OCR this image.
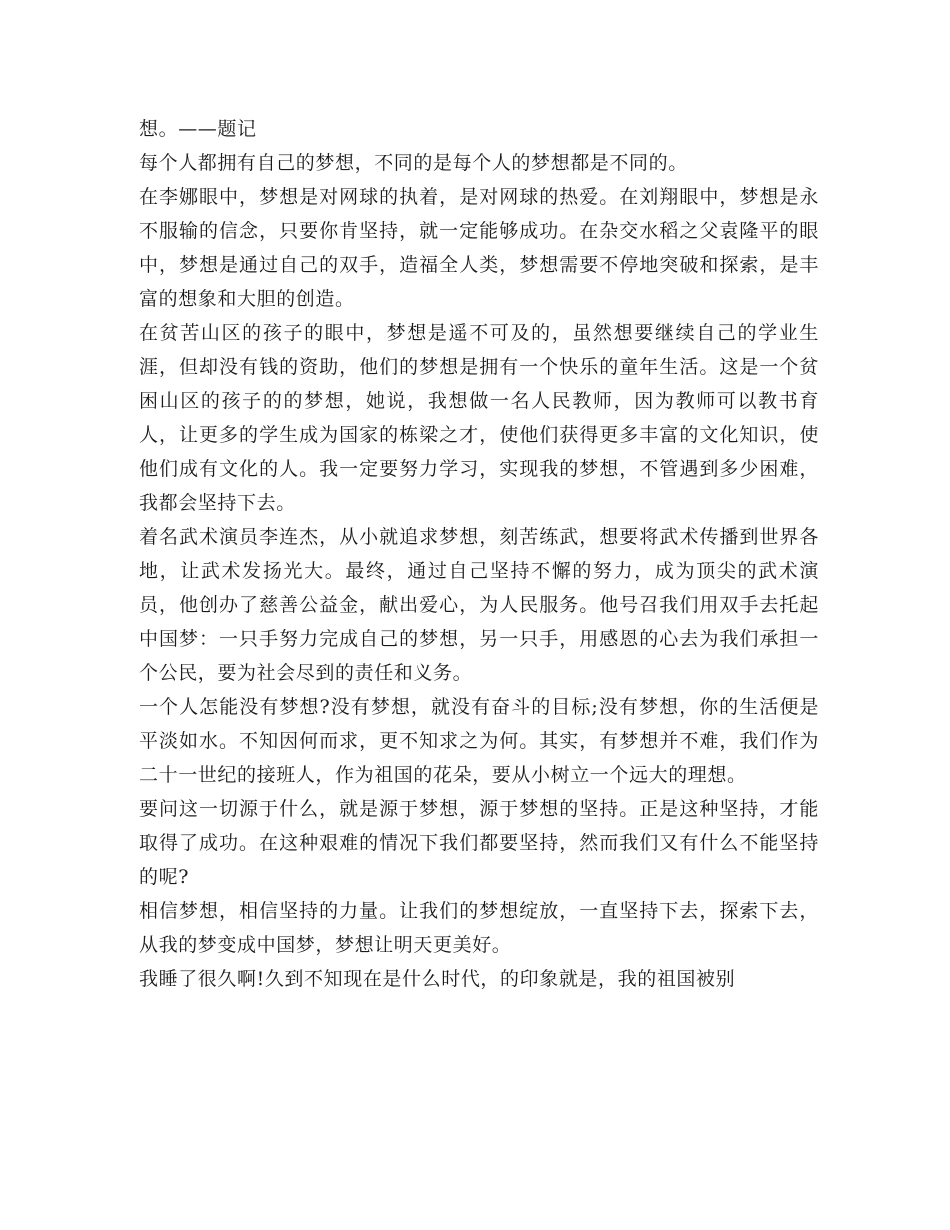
想。——题记

每个人都拥有自己的梦想，不同的是每个人的梦想都是不同的。

在李娜眼中，梦想是对网球的执着，是对网球的热爱。在刘翔眼中，梦想是永不服输的信念，只要你肯坚持，就一定能够成功。在杂交水稻之父袁隆平的眼中，梦想是通过自己的双手，造福全人类，梦想需要不停地突破和探索，是丰富的想象和大胆的创造。

在贫苦山区的孩子的眼中，梦想是遥不可及的，虽然想要继续自己的学业生涯，但却没有钱的资助，他们的梦想是拥有一个快乐的童年生活。这是一个贫困山区的孩子的的梦想，她说，我想做一名人民教师，因为教师可以教书育人，让更多的学生成为国家的栋梁之才，使他们获得更多丰富的文化知识，使他们成有文化的人。我一定要努力学习，实现我的梦想，不管遇到多少困难，我都会坚持下去。

着名武术演员李连杰，从小就追求梦想，刻苦练武，想要将武术传播到世界各地，让武术发扬光大。最终，通过自己坚持不懈的努力，成为顶尖的武术演员，他创办了慈善公益金，献出爱心，为人民服务。他号召我们用双手去托起中国梦：一只手努力完成自己的梦想，另一只手，用感恩的心去为我们承担一个公民，要为社会尽到的责任和义务。

一个人怎能没有梦想?没有梦想，就没有奋斗的目标;没有梦想，你的生活便是平淡如水。不知因何而求，更不知求之为何。其实，有梦想并不难，我们作为二十一世纪的接班人，作为祖国的花朵，要从小树立一个远大的理想。

要问这一切源于什么，就是源于梦想，源于梦想的坚持。正是这种坚持，才能取得了成功。在这种艰难的情况下我们都要坚持，然而我们又有什么不能坚持的呢?

相信梦想，相信坚持的力量。让我们的梦想绽放，一直坚持下去，探索下去，从我的梦变成中国梦，梦想让明天更美好。

我睡了很久啊!久到不知现在是什么时代，的印象就是，我的祖国被别
